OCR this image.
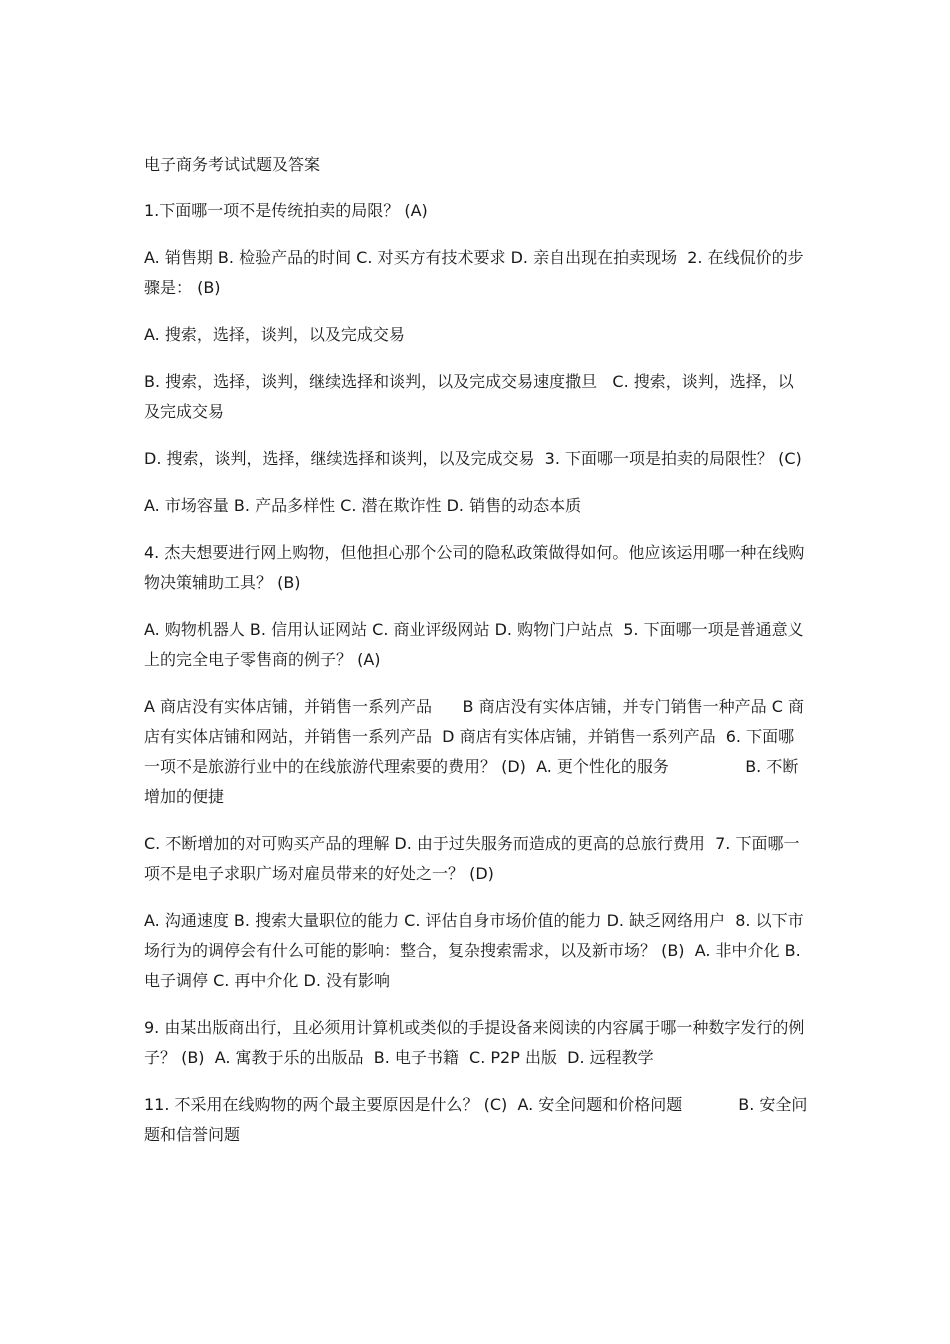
电子商务考试试题及答案

1.下面哪一项不是传统拍卖的局限？ (A)

A. 销售期 B. 检验产品的时间 C. 对买方有技术要求 D. 亲自出现在拍卖现场  2. 在线侃价的步骤是： (B)

A. 搜索，选择，谈判，以及完成交易

B. 搜索，选择，谈判，继续选择和谈判，以及完成交易速度撒旦   C. 搜索，谈判，选择，以及完成交易

D. 搜索，谈判，选择，继续选择和谈判，以及完成交易  3. 下面哪一项是拍卖的局限性？ (C)

A. 市场容量 B. 产品多样性 C. 潜在欺诈性 D. 销售的动态本质

4. 杰夫想要进行网上购物，但他担心那个公司的隐私政策做得如何。他应该运用哪一种在线购物决策辅助工具？ (B)

A. 购物机器人 B. 信用认证网站 C. 商业评级网站 D. 购物门户站点  5. 下面哪一项是普通意义上的完全电子零售商的例子？ (A)

A 商店没有实体店铺，并销售一系列产品      B 商店没有实体店铺，并专门销售一种产品 C 商店有实体店铺和网站，并销售一系列产品  D 商店有实体店铺，并销售一系列产品  6. 下面哪一项不是旅游行业中的在线旅游代理索要的费用？ (D)  A. 更个性化的服务               B. 不断增加的便捷

C. 不断增加的对可购买产品的理解 D. 由于过失服务而造成的更高的总旅行费用  7. 下面哪一项不是电子求职广场对雇员带来的好处之一？ (D)

A. 沟通速度 B. 搜索大量职位的能力 C. 评估自身市场价值的能力 D. 缺乏网络用户  8. 以下市场行为的调停会有什么可能的影响：整合，复杂搜索需求，以及新市场？ (B)  A. 非中介化 B. 电子调停 C. 再中介化 D. 没有影响

9. 由某出版商出行，且必须用计算机或类似的手提设备来阅读的内容属于哪一种数字发行的例子？ (B)  A. 寓教于乐的出版品  B. 电子书籍  C. P2P 出版  D. 远程教学

11. 不采用在线购物的两个最主要原因是什么？ (C)  A. 安全问题和价格问题           B. 安全问题和信誉问题
